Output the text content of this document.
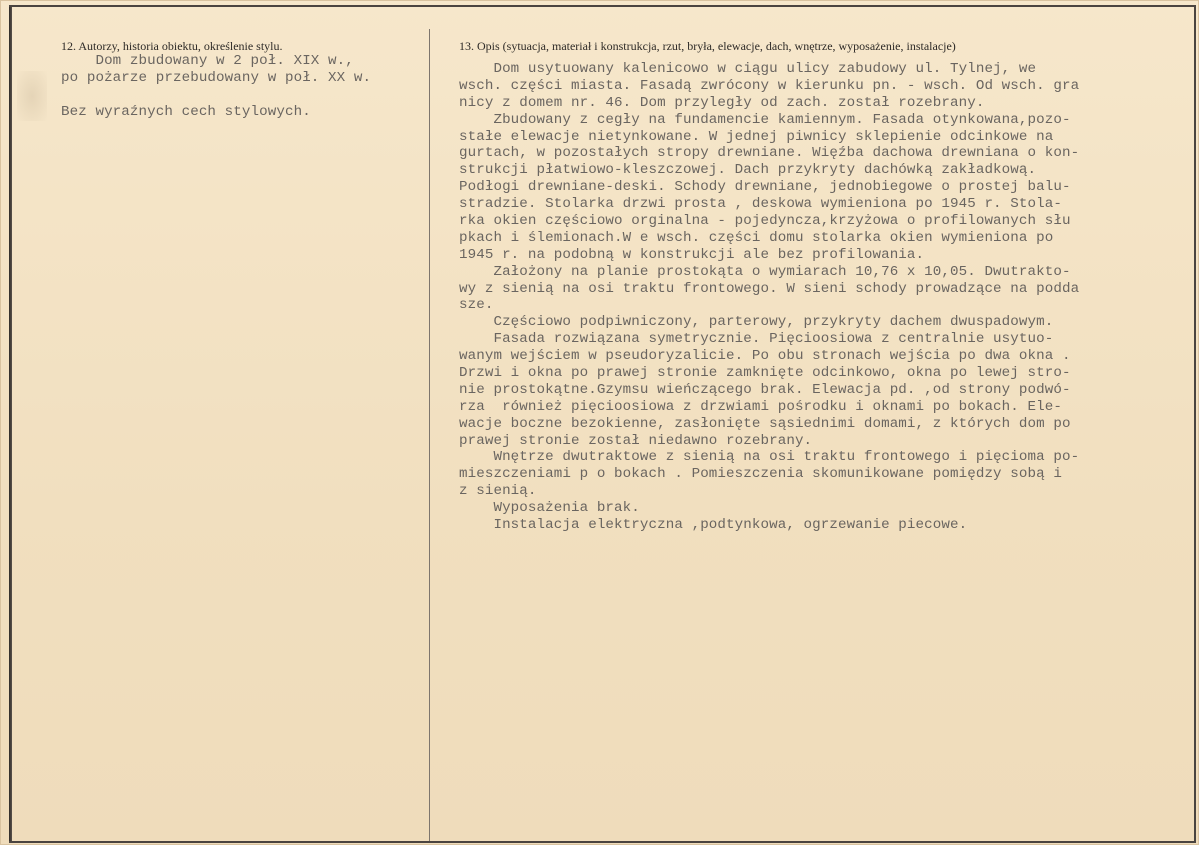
12. Autorzy, historia obiektu, określenie stylu.	13. Opis (sytuacja, materiał i konstrukcja, rzut, bryła, elewacje, dach, wnętrze, wyposażenie, instalacje)
Dom zbudowany w 2 poł. XIX w.,
po pożarze przebudowany w poł. XX w.
Bez wyraźnych cech stylowych.
Dom usytuowany kalenicowo w ciągu ulicy zabudowy ul. Tylnej, we
wsch. części miasta. Fasadą zwrócony w kierunku pn. - wsch. Od wsch. gra
nicy z domem nr. 46. Dom przyległy od zach. został rozebrany.
Zbudowany z cegły na fundamencie kamiennym. Fasada otynkowana,pozo-
stałe elewacje nietynkowane. W jednej piwnicy sklepienie odcinkowe na
gurtach, w pozostałych stropy drewniane. Więźba dachowa drewniana o kon-
strukcji płatwiowo-kleszczowej. Dach przykryty dachówką zakładkową.
Podłogi drewniane-deski. Schody drewniane, jednobiegowe o prostej balu-
stradzie. Stolarka drzwi prosta , deskowa wymieniona po 1945 r. Stola-
rka okien częściowo orginalna - pojedyncza,krzyżowa o profilowanych słu
pkach i ślemionach.W e wsch. części domu stolarka okien wymieniona po
1945 r. na podobną w konstrukcji ale bez profilowania.
Założony na planie prostokąta o wymiarach 10,76 x 10,05. Dwutrakto-
wy z sienią na osi traktu frontowego. W sieni schody prowadzące na podda
sze.
Częściowo podpiwniczony, parterowy, przykryty dachem dwuspadowym.
Fasada rozwiązana symetrycznie. Pięcioosiowa z centralnie usytuo-
wanym wejściem w pseudoryzalicie. Po obu stronach wejścia po dwa okna .
Drzwi i okna po prawej stronie zamknięte odcinkowo, okna po lewej stro-
nie prostokątne.Gzymsu wieńczącego brak. Elewacja pd. ,od strony podwó-
rza  również pięcioosiowa z drzwiami pośrodku i oknami po bokach. Ele-
wacje boczne bezokienne, zasłonięte sąsiednimi domami, z których dom po
prawej stronie został niedawno rozebrany.
Wnętrze dwutraktowe z sienią na osi traktu frontowego i pięcioma po-
mieszczeniami p o bokach . Pomieszczenia skomunikowane pomiędzy sobą i
z sienią.
Wyposażenia brak.
Instalacja elektryczna ,podtynkowa, ogrzewanie piecowe.
